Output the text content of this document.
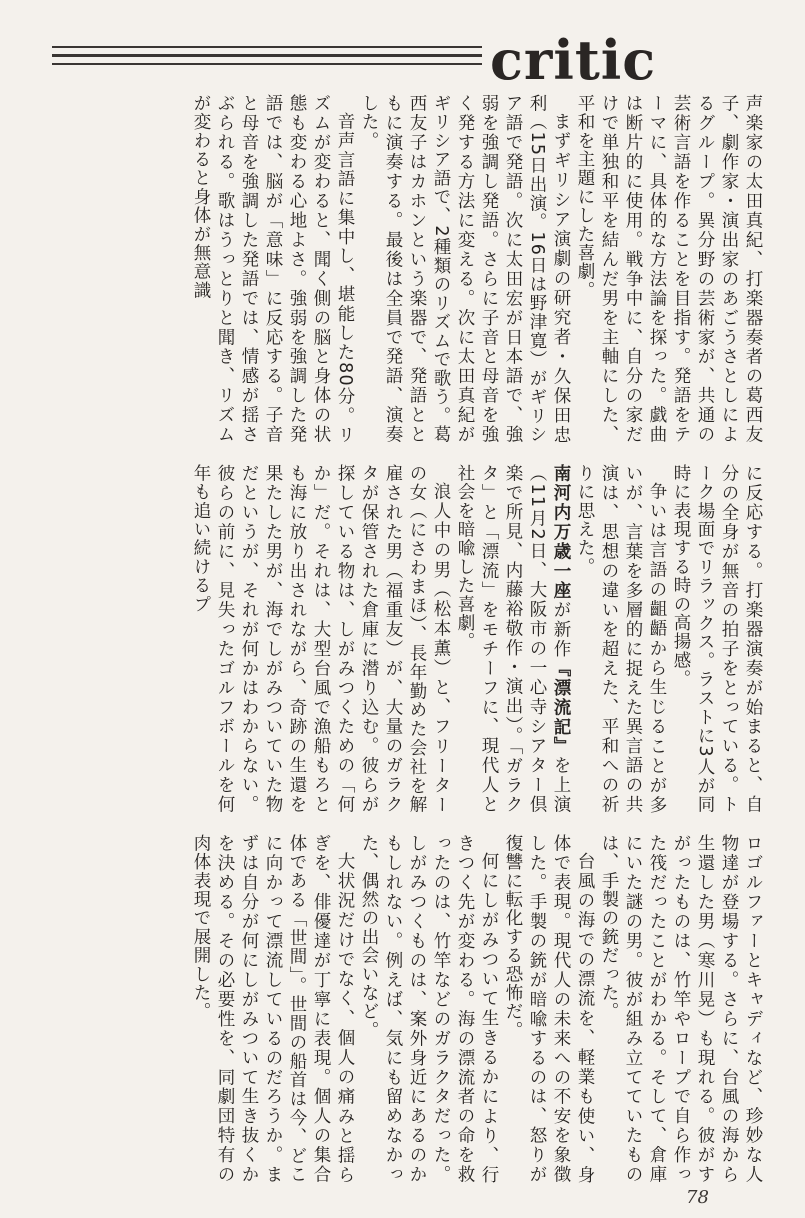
critic

声楽家の太田真紀、打楽器奏者の葛西友子、劇作家・演出家のあごうさとしによるグループ。異分野の芸術家が、共通の芸術言語を作ることを目指す。発語をテーマに、具体的な方法論を探った。戯曲は断片的に使用。戦争中に、自分の家だけで単独和平を結んだ男を主軸にした、平和を主題にした喜劇。

まずギリシア演劇の研究者・久保田忠利（15日出演。16日は野津寛）がギリシア語で発語。次に太田宏が日本語で、強弱を強調し発語。さらに子音と母音を強く発する方法に変える。次に太田真紀がギリシア語で、2種類のリズムで歌う。葛西友子はカホンという楽器で、発語とともに演奏する。最後は全員で発語、演奏した。

音声言語に集中し、堪能した80分。リズムが変わると、聞く側の脳と身体の状態も変わる心地よさ。強弱を強調した発語では、脳が「意味」に反応する。子音と母音を強調した発語では、情感が揺さぶられる。歌はうっとりと聞き、リズムが変わると身体が無意識

に反応する。打楽器演奏が始まると、自分の全身が無音の拍子をとっている。トーク場面でリラックス。ラストに3人が同時に表現する時の高揚感。

争いは言語の齟齬から生じることが多いが、言葉を多層的に捉えた異言語の共演は、思想の違いを超えた、平和への祈りに思えた。

南河内万歳一座が新作『漂流記』を上演（11月2日、大阪市の一心寺シアター倶楽で所見、内藤裕敬作・演出）。「ガラクタ」と「漂流」をモチーフに、現代人と社会を暗喩した喜劇。

浪人中の男（松本薫）と、フリーターの女（にさわまほ）、長年勤めた会社を解雇された男（福重友）が、大量のガラクタが保管された倉庫に潜り込む。彼らが探している物は、しがみつくための「何か」だ。それは、大型台風で漁船もろとも海に放り出されながら、奇跡の生還を果たした男が、海でしがみついていた物だというが、それが何かはわからない。彼らの前に、見失ったゴルフボールを何年も追い続けるプ

ロゴルファーとキャディなど、珍妙な人物達が登場する。さらに、台風の海から生還した男（寒川晃）も現れる。彼がすがったものは、竹竿やロープで自ら作った筏だったことがわかる。そして、倉庫にいた謎の男。彼が組み立てていたものは、手製の銃だった。

台風の海での漂流を、軽業も使い、身体で表現。現代人の未来への不安を象徴した。手製の銃が暗喩するのは、怒りが復讐に転化する恐怖だ。

何にしがみついて生きるかにより、行きつく先が変わる。海の漂流者の命を救ったのは、竹竿などのガラクタだった。しがみつくものは、案外身近にあるのかもしれない。例えば、気にも留めなかった、偶然の出会いなど。

大状況だけでなく、個人の痛みと揺らぎを、俳優達が丁寧に表現。個人の集合体である「世間」。世間の船首は今、どこに向かって漂流しているのだろうか。まずは自分が何にしがみついて生き抜くかを決める。その必要性を、同劇団特有の肉体表現で展開した。

78
